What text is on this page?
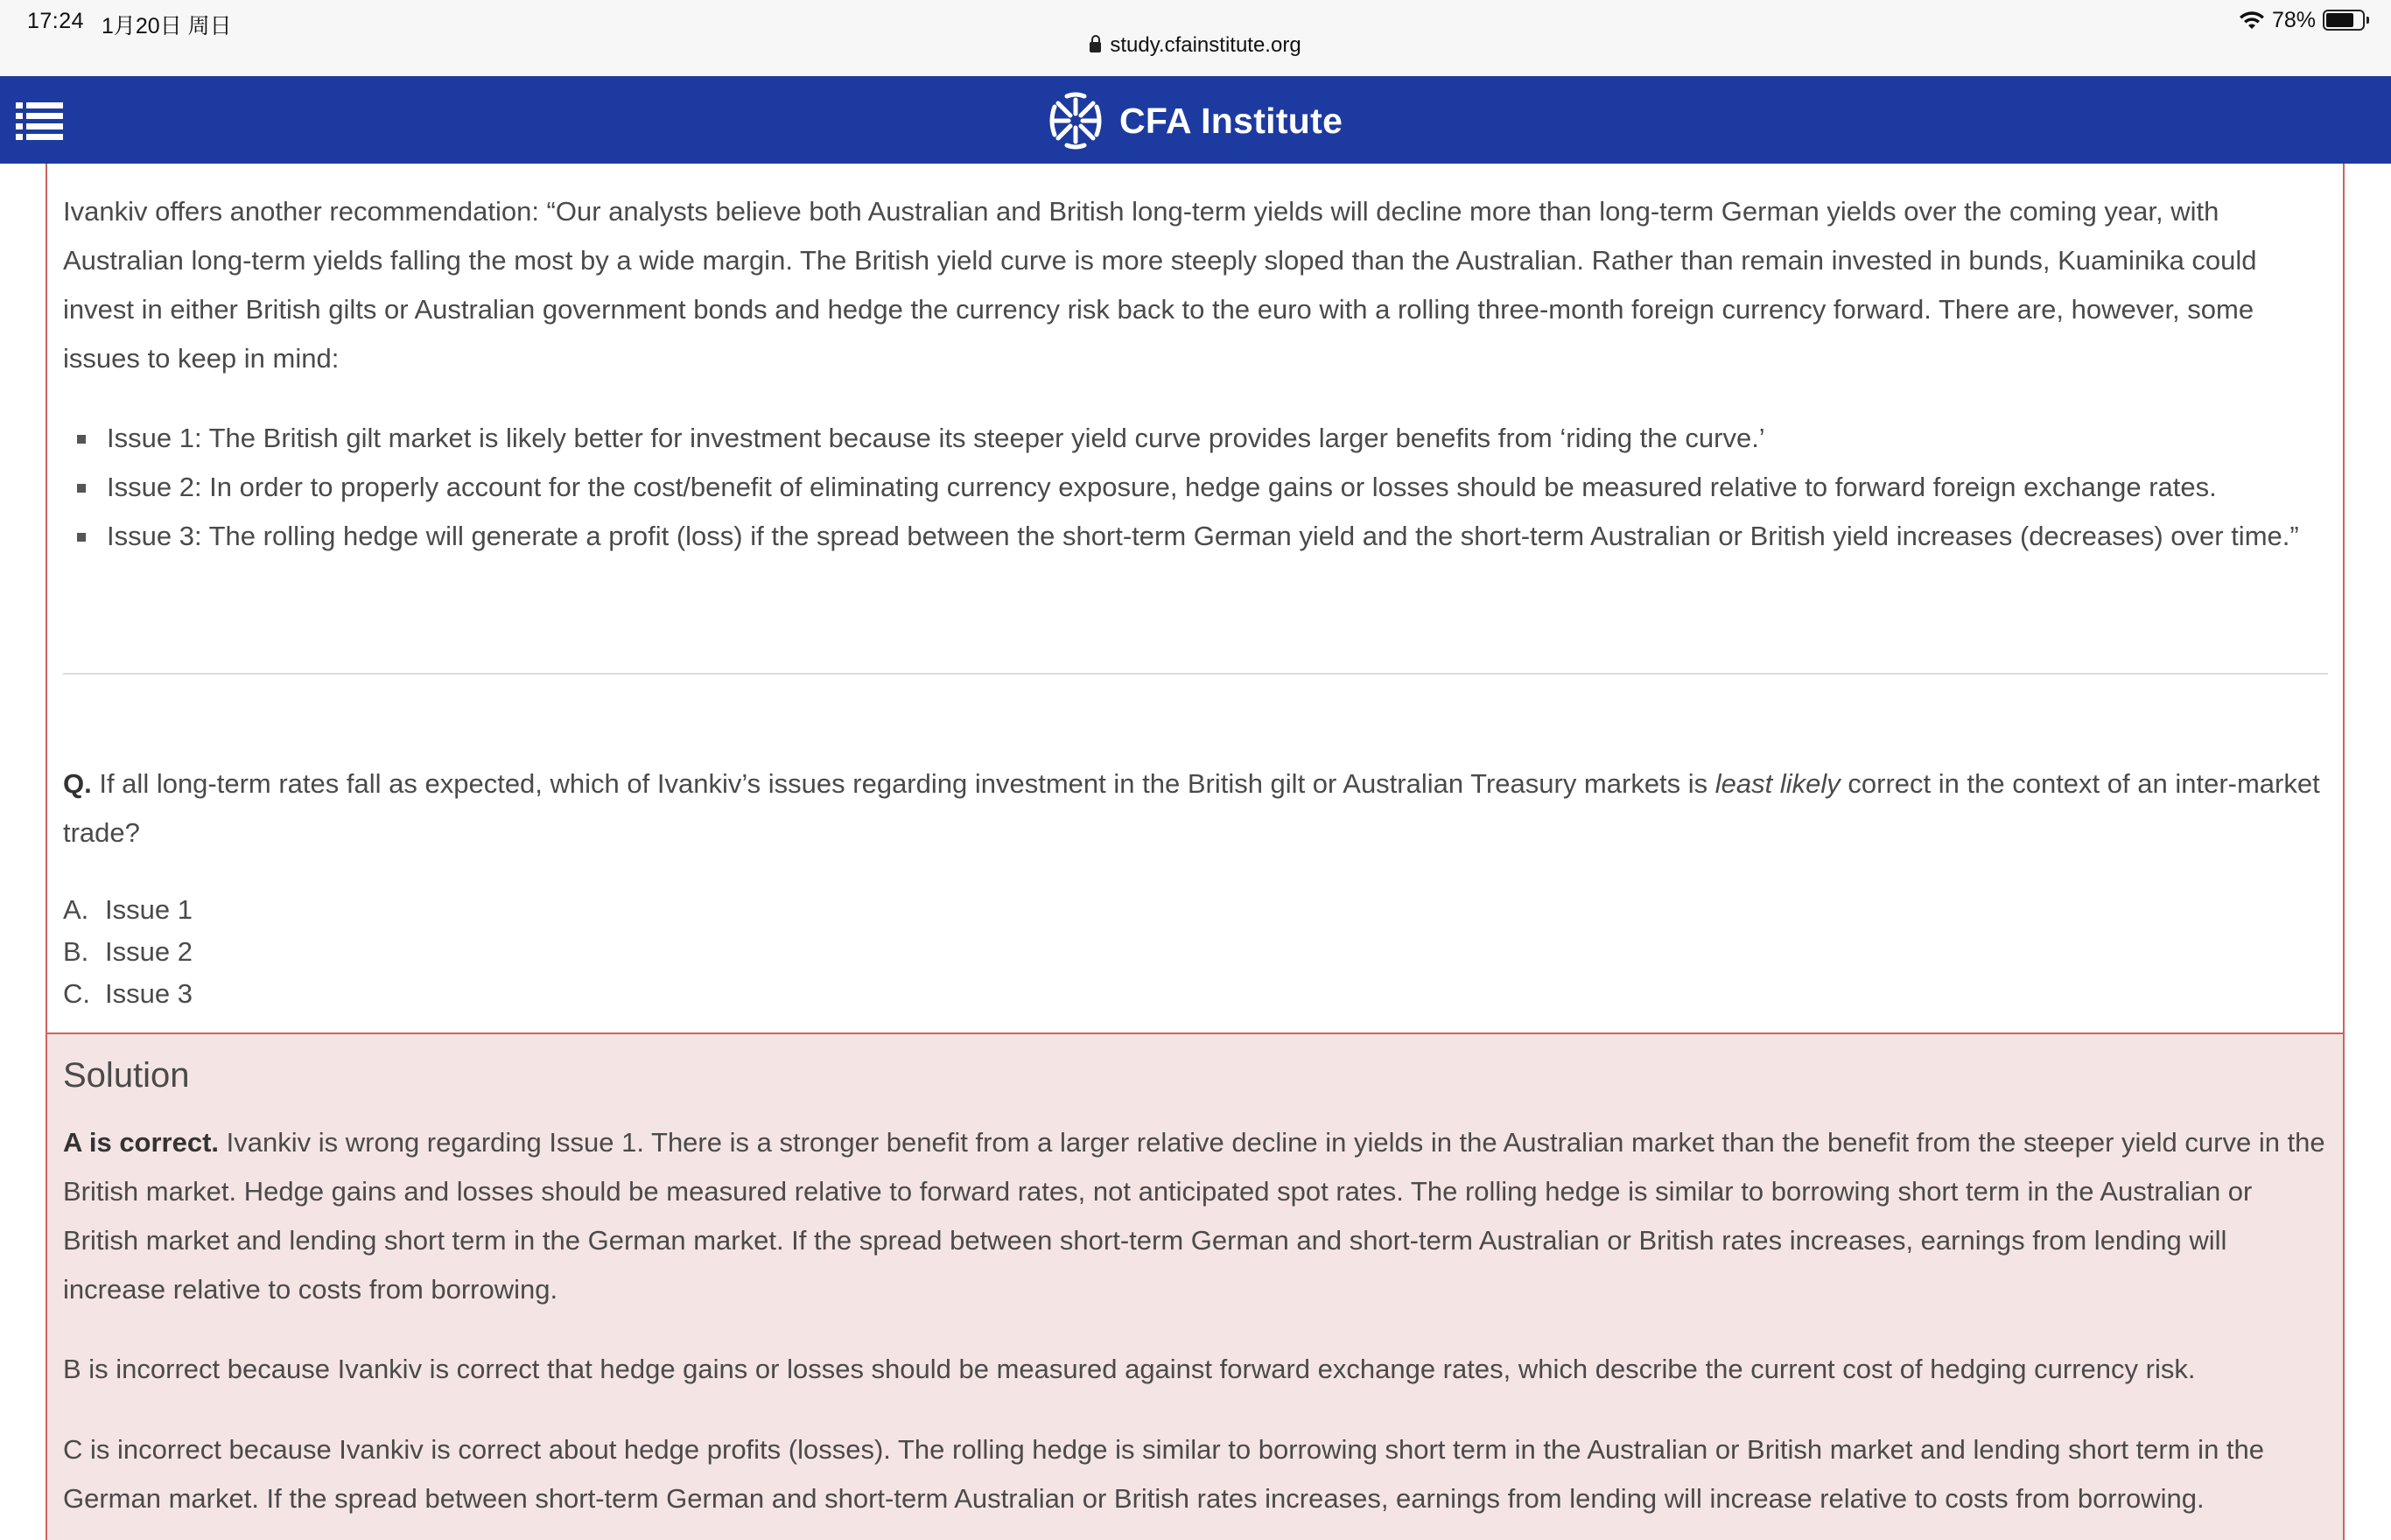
17:24 1月20日 周日
study.cfainstitute.org
78%
CFA Institute

Ivankiv offers another recommendation: “Our analysts believe both Australian and British long-term yields will decline more than long-term German yields over the coming year, with Australian long-term yields falling the most by a wide margin. The British yield curve is more steeply sloped than the Australian. Rather than remain invested in bunds, Kuaminika could invest in either British gilts or Australian government bonds and hedge the currency risk back to the euro with a rolling three-month foreign currency forward. There are, however, some issues to keep in mind:

Issue 1: The British gilt market is likely better for investment because its steeper yield curve provides larger benefits from ‘riding the curve.’
Issue 2: In order to properly account for the cost/benefit of eliminating currency exposure, hedge gains or losses should be measured relative to forward foreign exchange rates.
Issue 3: The rolling hedge will generate a profit (loss) if the spread between the short-term German yield and the short-term Australian or British yield increases (decreases) over time.”

Q. If all long-term rates fall as expected, which of Ivankiv’s issues regarding investment in the British gilt or Australian Treasury markets is least likely correct in the context of an inter-market trade?

A. Issue 1
B. Issue 2
C. Issue 3
Solution

A is correct. Ivankiv is wrong regarding Issue 1. There is a stronger benefit from a larger relative decline in yields in the Australian market than the benefit from the steeper yield curve in the British market. Hedge gains and losses should be measured relative to forward rates, not anticipated spot rates. The rolling hedge is similar to borrowing short term in the Australian or British market and lending short term in the German market. If the spread between short-term German and short-term Australian or British rates increases, earnings from lending will increase relative to costs from borrowing.

B is incorrect because Ivankiv is correct that hedge gains or losses should be measured against forward exchange rates, which describe the current cost of hedging currency risk.

C is incorrect because Ivankiv is correct about hedge profits (losses). The rolling hedge is similar to borrowing short term in the Australian or British market and lending short term in the German market. If the spread between short-term German and short-term Australian or British rates increases, earnings from lending will increase relative to costs from borrowing.
